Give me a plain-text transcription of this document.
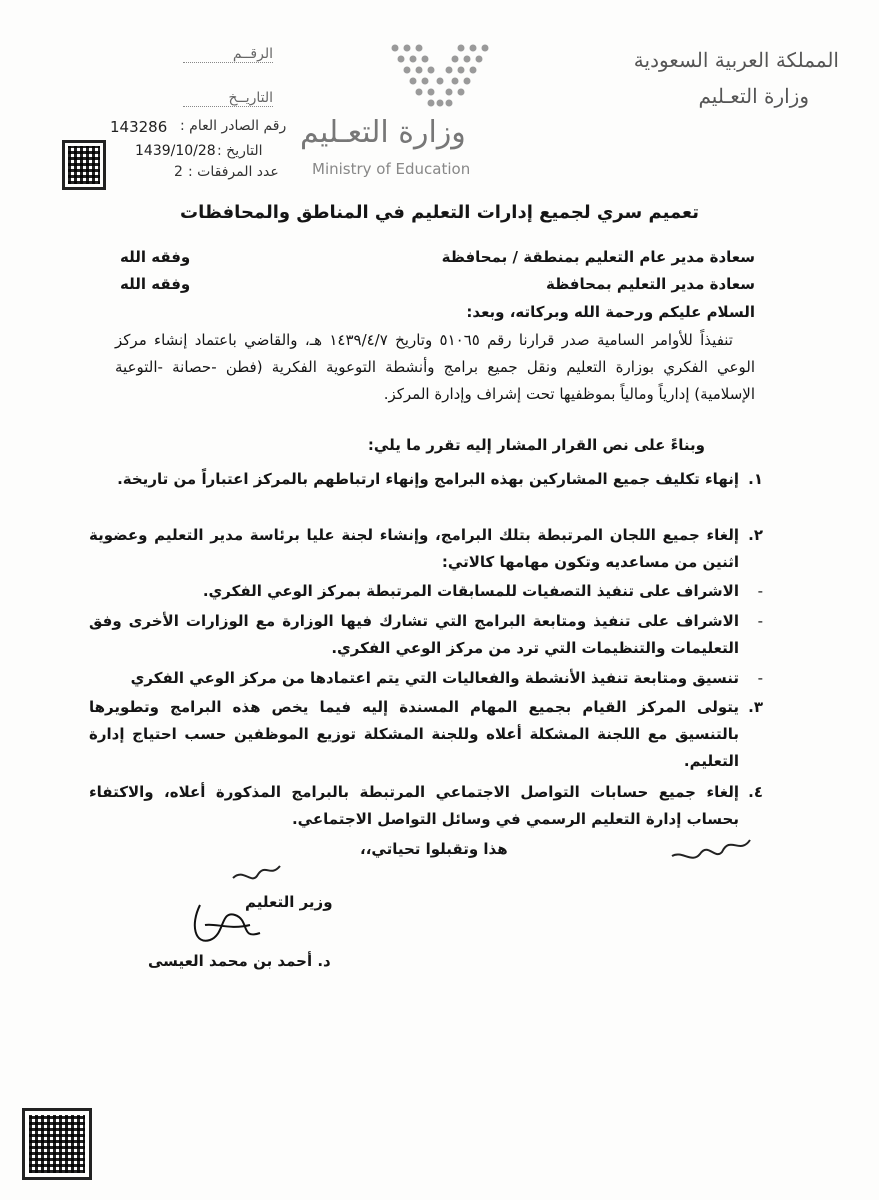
المملكة العربية السعودية
وزارة التعـليم
وزارة التعـليم
Ministry of Education
الرقــم
التاريــخ
143286 رقم الصادر العام :
1439/10/28 التاريخ :
2 عدد المرفقات :
تعميم سري لجميع إدارات التعليم في المناطق والمحافظات
سعادة مدير عام التعليم بمنطقة / بمحافظة
وفقه الله
سعادة مدير التعليم بمحافظة
وفقه الله
السلام عليكم ورحمة الله وبركاته، وبعد:
تنفيذاً للأوامر السامية صدر قرارنا رقم ٥١٠٦٥ وتاريخ ١٤٣٩/٤/٧ هـ، والقاضي باعتماد إنشاء مركز الوعي الفكري بوزارة التعليم ونقل جميع برامج وأنشطة التوعوية الفكرية (فطن -حصانة -التوعية الإسلامية) إدارياً ومالياً بموظفيها تحت إشراف وإدارة المركز.
وبناءً على نص القرار المشار إليه تقرر ما يلي:
١.
إنهاء تكليف جميع المشاركين بهذه البرامج وإنهاء ارتباطهم بالمركز اعتباراً من تاريخة.
٢.
إلغاء جميع اللجان المرتبطة بتلك البرامج، وإنشاء لجنة عليا برئاسة مدير التعليم وعضوية اثنين من مساعديه وتكون مهامها كالاتي:
-
الاشراف على تنفيذ التصفيات للمسابقات المرتبطة بمركز الوعي الفكري.
-
الاشراف على تنفيذ ومتابعة البرامج التي تشارك فيها الوزارة مع الوزارات الأخرى وفق التعليمات والتنظيمات التي ترد من مركز الوعي الفكري.
-
تنسيق ومتابعة تنفيذ الأنشطة والفعاليات التي يتم اعتمادها من مركز الوعي الفكري
٣.
يتولى المركز القيام بجميع المهام المسندة إليه فيما يخص هذه البرامج وتطويرها بالتنسيق مع اللجنة المشكلة أعلاه وللجنة المشكلة توزيع الموظفين حسب احتياج إدارة التعليم.
٤.
إلغاء جميع حسابات التواصل الاجتماعي المرتبطة بالبرامج المذكورة أعلاه، والاكتفاء بحساب إدارة التعليم الرسمي في وسائل التواصل الاجتماعي.
هذا وتقبلوا تحياتي،،
وزير التعليم
د. أحمد بن محمد العيسى
